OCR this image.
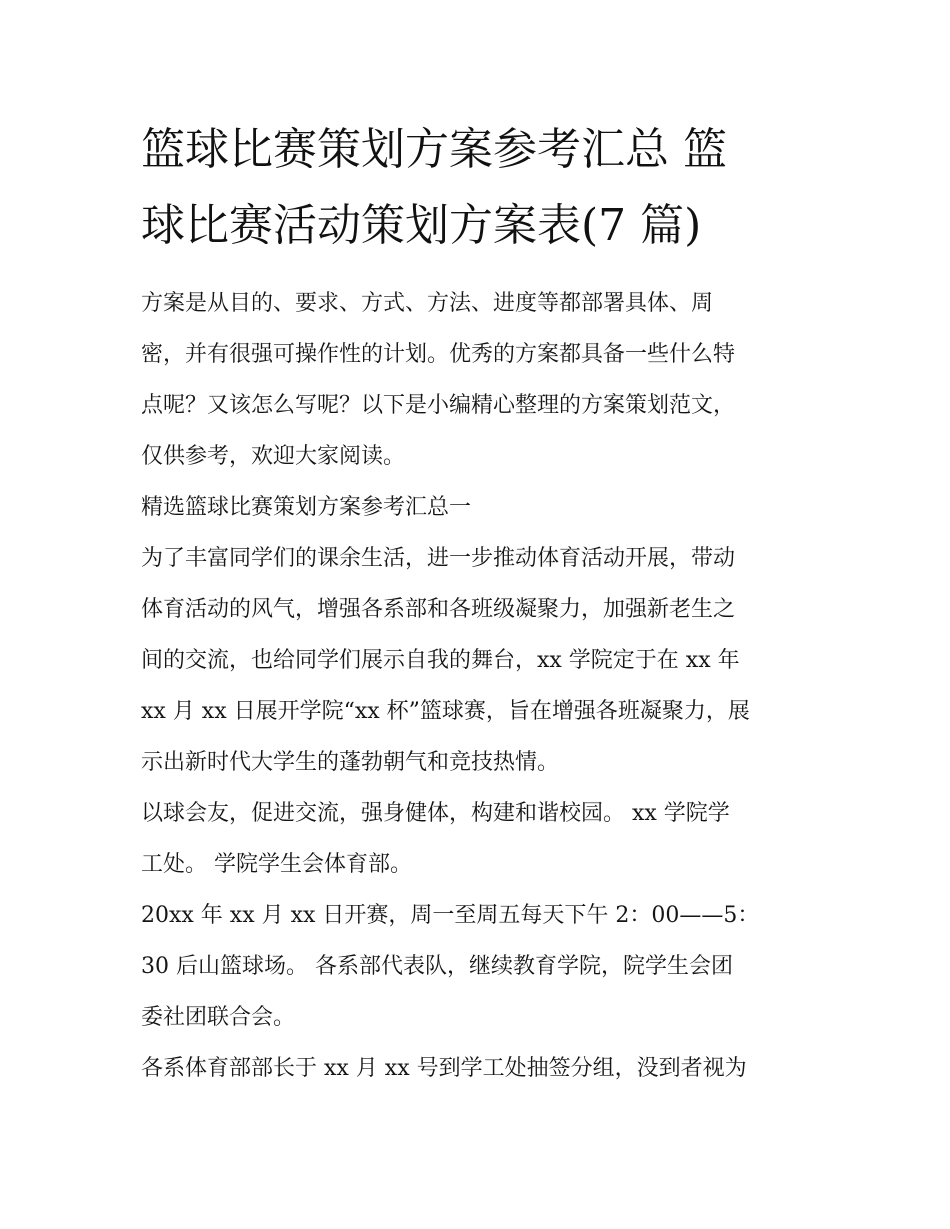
篮球比赛策划方案参考汇总 篮
球比赛活动策划方案表(7 篇)

方案是从目的、要求、方式、方法、进度等都部署具体、周
密，并有很强可操作性的计划。优秀的方案都具备一些什么特
点呢？又该怎么写呢？以下是小编精心整理的方案策划范文，
仅供参考，欢迎大家阅读。

精选篮球比赛策划方案参考汇总一

为了丰富同学们的课余生活，进一步推动体育活动开展，带动
体育活动的风气，增强各系部和各班级凝聚力，加强新老生之
间的交流，也给同学们展示自我的舞台，xx 学院定于在 xx 年
xx 月 xx 日展开学院“xx 杯”篮球赛，旨在增强各班凝聚力，展
示出新时代大学生的蓬勃朝气和竞技热情。

以球会友，促进交流，强身健体，构建和谐校园。 xx 学院学
工处。 学院学生会体育部。

20xx 年 xx 月 xx 日开赛，周一至周五每天下午 2：00——5：
30 后山篮球场。 各系部代表队，继续教育学院，院学生会团
委社团联合会。

各系体育部部长于 xx 月 xx 号到学工处抽签分组，没到者视为
